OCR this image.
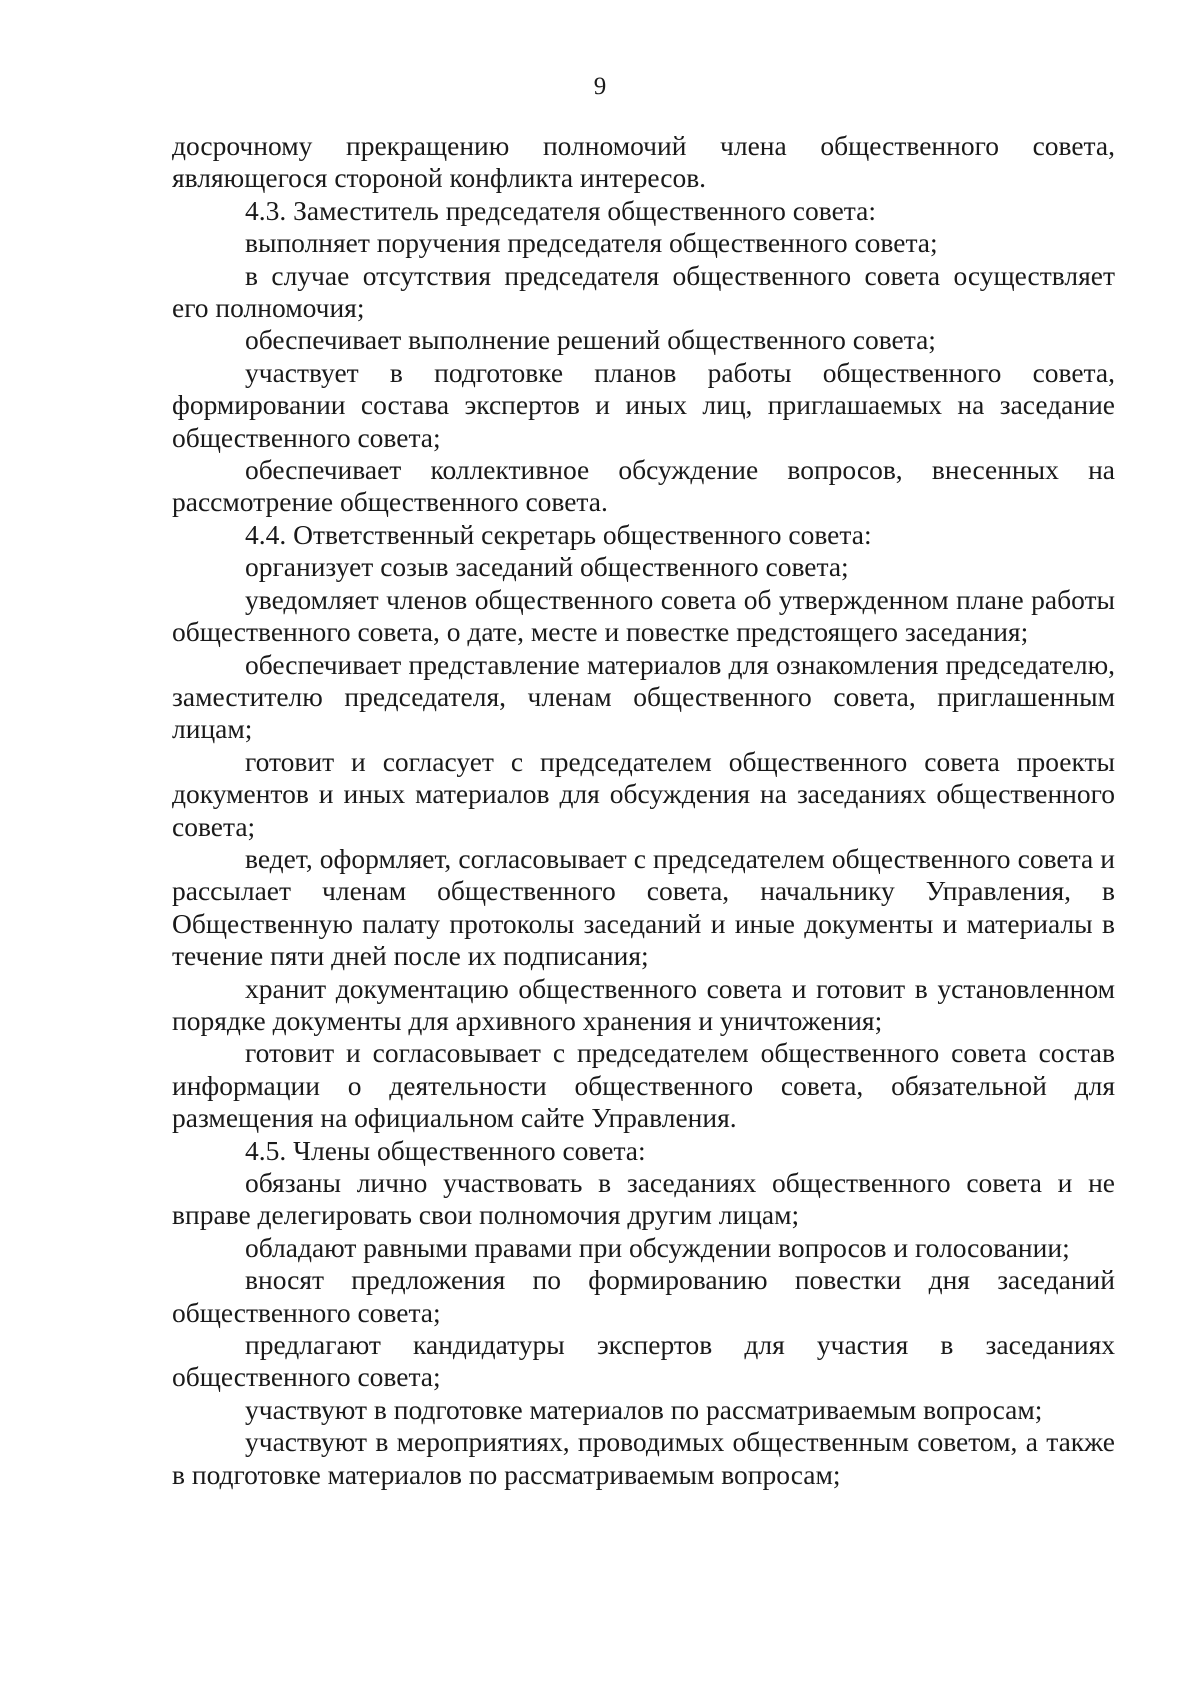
9

досрочному прекращению полномочий члена общественного совета, являющегося стороной конфликта интересов.

4.3. Заместитель председателя общественного совета:

выполняет поручения председателя общественного совета;

в случае отсутствия председателя общественного совета осуществляет его полномочия;

обеспечивает выполнение решений общественного совета;

участвует в подготовке планов работы общественного совета, формировании состава экспертов и иных лиц, приглашаемых на заседание общественного совета;

обеспечивает коллективное обсуждение вопросов, внесенных на рассмотрение общественного совета.

4.4. Ответственный секретарь общественного совета:

организует созыв заседаний общественного совета;

уведомляет членов общественного совета об утвержденном плане работы общественного совета, о дате, месте и повестке предстоящего заседания;

обеспечивает представление материалов для ознакомления председателю, заместителю председателя, членам общественного совета, приглашенным лицам;

готовит и согласует с председателем общественного совета проекты документов и иных материалов для обсуждения на заседаниях общественного совета;

ведет, оформляет, согласовывает с председателем общественного совета и рассылает членам общественного совета, начальнику Управления, в Общественную палату протоколы заседаний и иные документы и материалы в течение пяти дней после их подписания;

хранит документацию общественного совета и готовит в установленном порядке документы для архивного хранения и уничтожения;

готовит и согласовывает с председателем общественного совета состав информации о деятельности общественного совета, обязательной для размещения на официальном сайте Управления.

4.5. Члены общественного совета:

обязаны лично участвовать в заседаниях общественного совета и не вправе делегировать свои полномочия другим лицам;

обладают равными правами при обсуждении вопросов и голосовании;

вносят предложения по формированию повестки дня заседаний общественного совета;

предлагают кандидатуры экспертов для участия в заседаниях общественного совета;

участвуют в подготовке материалов по рассматриваемым вопросам;

участвуют в мероприятиях, проводимых общественным советом, а также в подготовке материалов по рассматриваемым вопросам;
